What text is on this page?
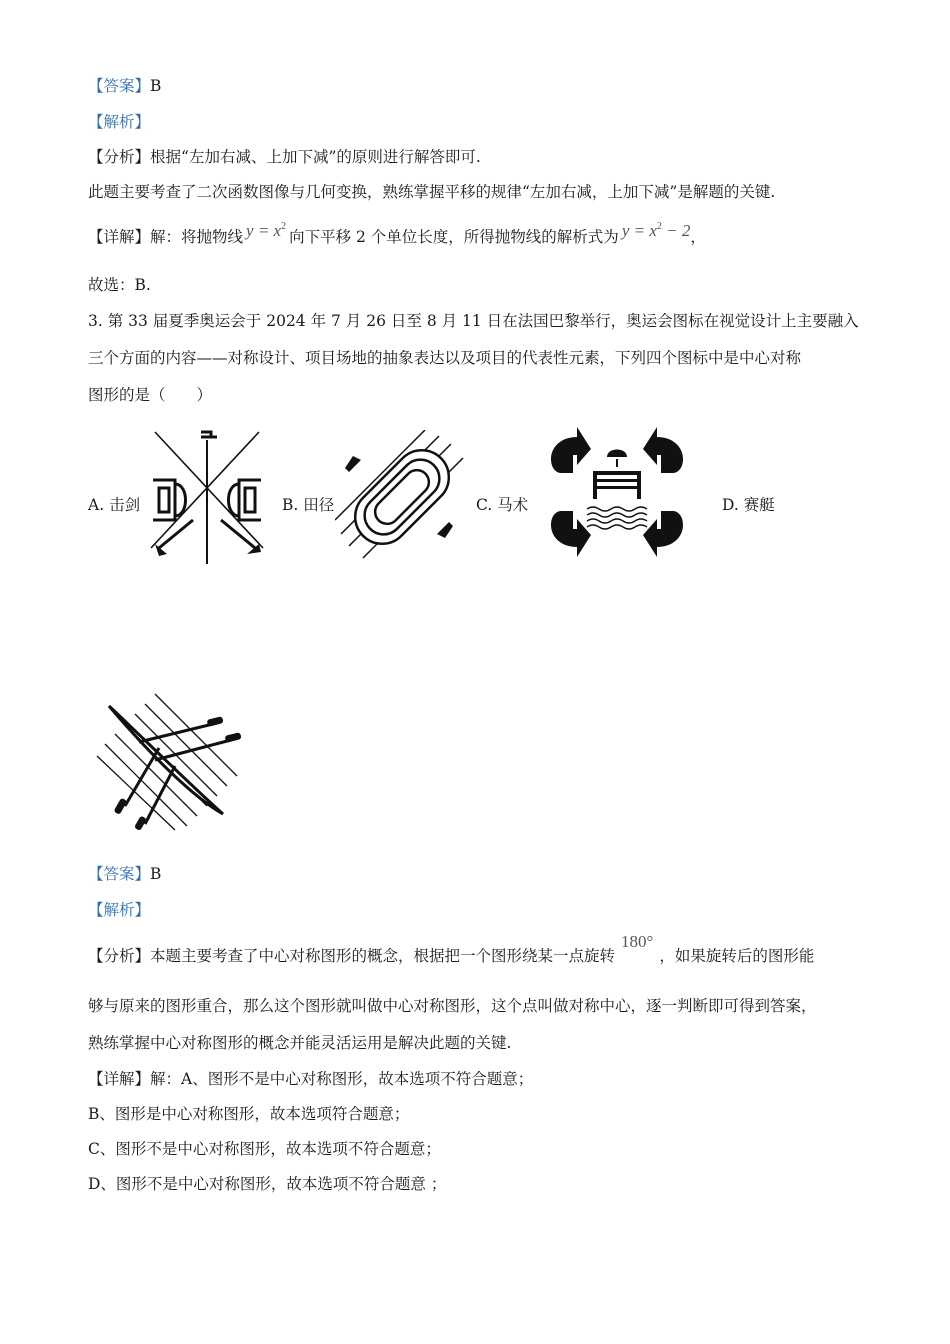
【答案】B
【解析】
【分析】根据“左加右减、上加下减”的原则进行解答即可.
此题主要考查了二次函数图像与几何变换，熟练掌握平移的规律“左加右减，上加下减”是解题的关键.
【详解】解：将抛物线 $y = x^2$向下平移 2 个单位长度，所得抛物线的解析式为 $y = x^2 - 2$，
故选：B.
3. 第 33 届夏季奥运会于 2024 年 7 月 26 日至 8 月 11 日在法国巴黎举行，奥运会图标在视觉设计上主要融入
三个方面的内容——对称设计、项目场地的抽象表达以及项目的代表性元素，下列四个图标中是中心对称
图形的是（　　）
A. 击剑	B. 田径	C. 马术	D. 赛艇
【答案】B
【解析】
【分析】本题主要考查了中心对称图形的概念，根据把一个图形绕某一点旋转180°，如果旋转后的图形能
够与原来的图形重合，那么这个图形就叫做中心对称图形，这个点叫做对称中心，逐一判断即可得到答案，
熟练掌握中心对称图形的概念并能灵活运用是解决此题的关键.
【详解】解：A、图形不是中心对称图形，故本选项不符合题意；
B、图形是中心对称图形，故本选项符合题意；
C、图形不是中心对称图形，故本选项不符合题意；
D、图形不是中心对称图形，故本选项不符合题意 ；
